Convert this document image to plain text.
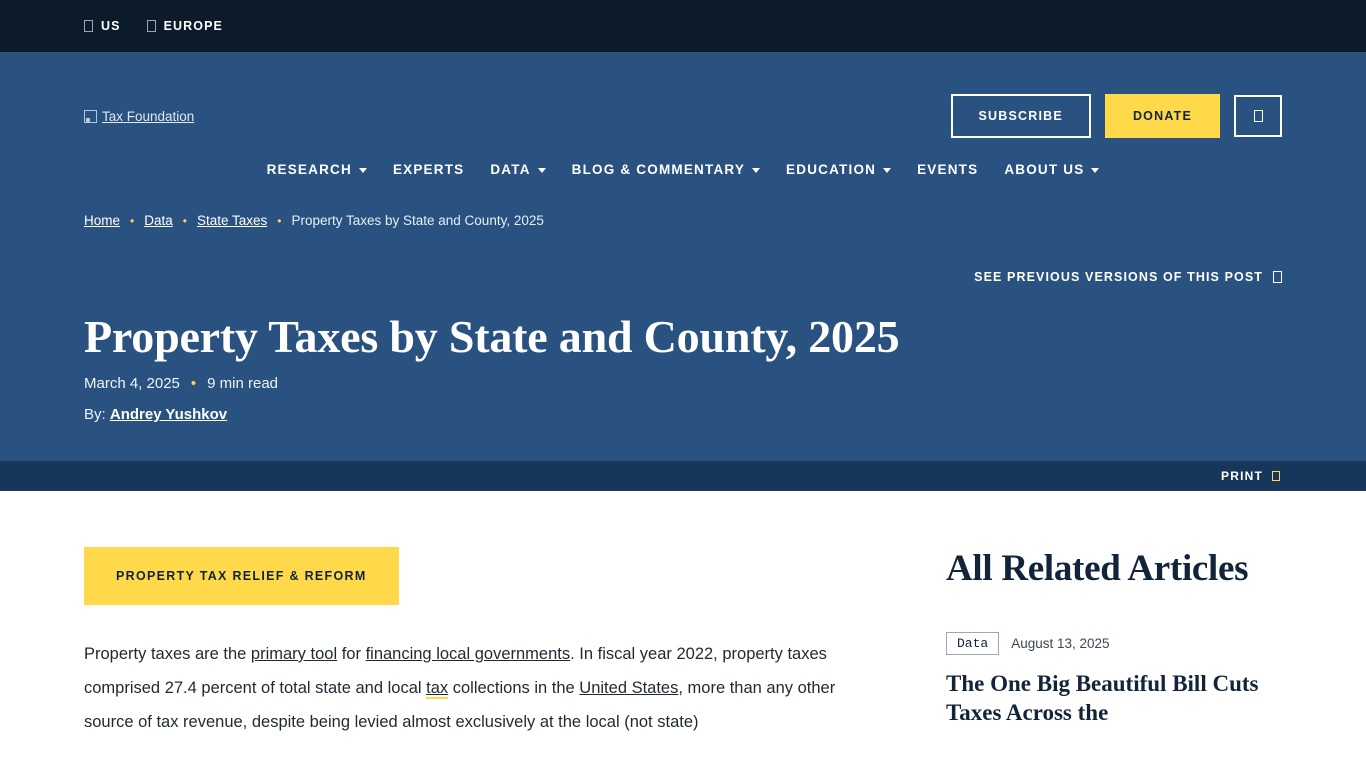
US	EUROPE
Tax Foundation	SUBSCRIBE	DONATE
RESEARCH	EXPERTS DATA	BLOG & COMMENTARY	EDUCATION	EVENTS ABOUT US
Home • Data • State Taxes • Property Taxes by State and County, 2025
SEE PREVIOUS VERSIONS OF THIS POST
Property Taxes by State and County, 2025
March 4, 2025 • 9 min read
By: Andrey Yushkov
PRINT
PROPERTY TAX RELIEF & REFORM

Property taxes are the primary tool for financing local governments. In fiscal year 2022, property taxes comprised 27.4 percent of total state and local tax collections in the United States, more than any other source of tax revenue, despite being levied almost exclusively at the local (not state)

All Related Articles
Data	August 13, 2025
The One Big Beautiful Bill Cuts Taxes Across the
